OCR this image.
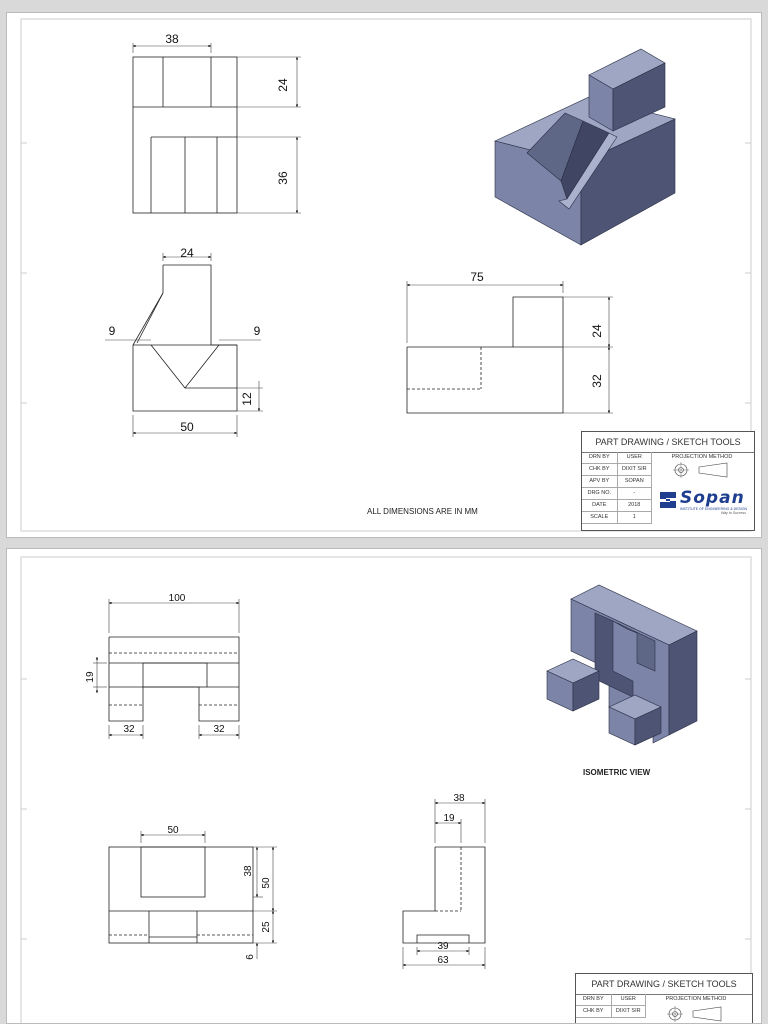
38
24
36
24
9	9
12
50
75
24
32
ALL DIMENSIONS ARE IN MM
PART DRAWING / SKETCH TOOLS
DRN BY	USER
CHK BY	DIXIT SIR
APV BY	SOPAN
DRG NO.	-
DATE	2018
SCALE	1
PROJECTION METHOD
Sopan
INSTITUTE OF ENGINEERING & DESIGN
Way to Success
100
19
32	32
50
38
50
25
6
38
19
39
63
ISOMETRIC VIEW
PART DRAWING / SKETCH TOOLS
DRN BY	USER
CHK BY	DIXIT SIR
PROJECTION METHOD
